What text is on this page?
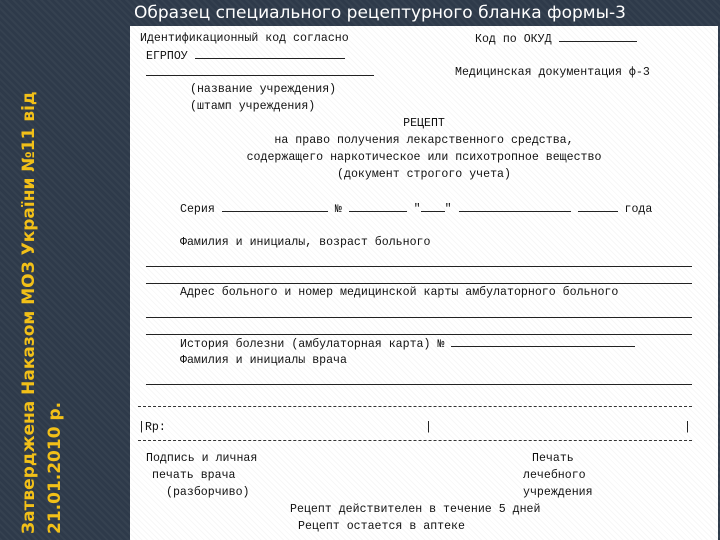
Образец специального рецептурного бланка формы-3
Затверджена Наказом МОЗ України №11 від 21.01.2010 р.
Идентификационный код согласно	Код по ОКУД
ЕГРПОУ
Медицинская документация ф-3
(название учреждения)
(штамп учреждения)
РЕЦЕПТ
на право получения лекарственного средства,
содержащего наркотическое или психотропное вещество
(документ строгого учета)
Серия	№	" "	года
Фамилия и инициалы, возраст больного
Адрес больного и номер медицинской карты амбулаторного больного
История болезни (амбулаторная карта) №
Фамилия и инициалы врача
|Rp:	|	|
Подпись и личная
печать врача
(разборчиво)
Печать
лечебного
учреждения
Рецепт действителен в течение 5 дней
Рецепт остается в аптеке
